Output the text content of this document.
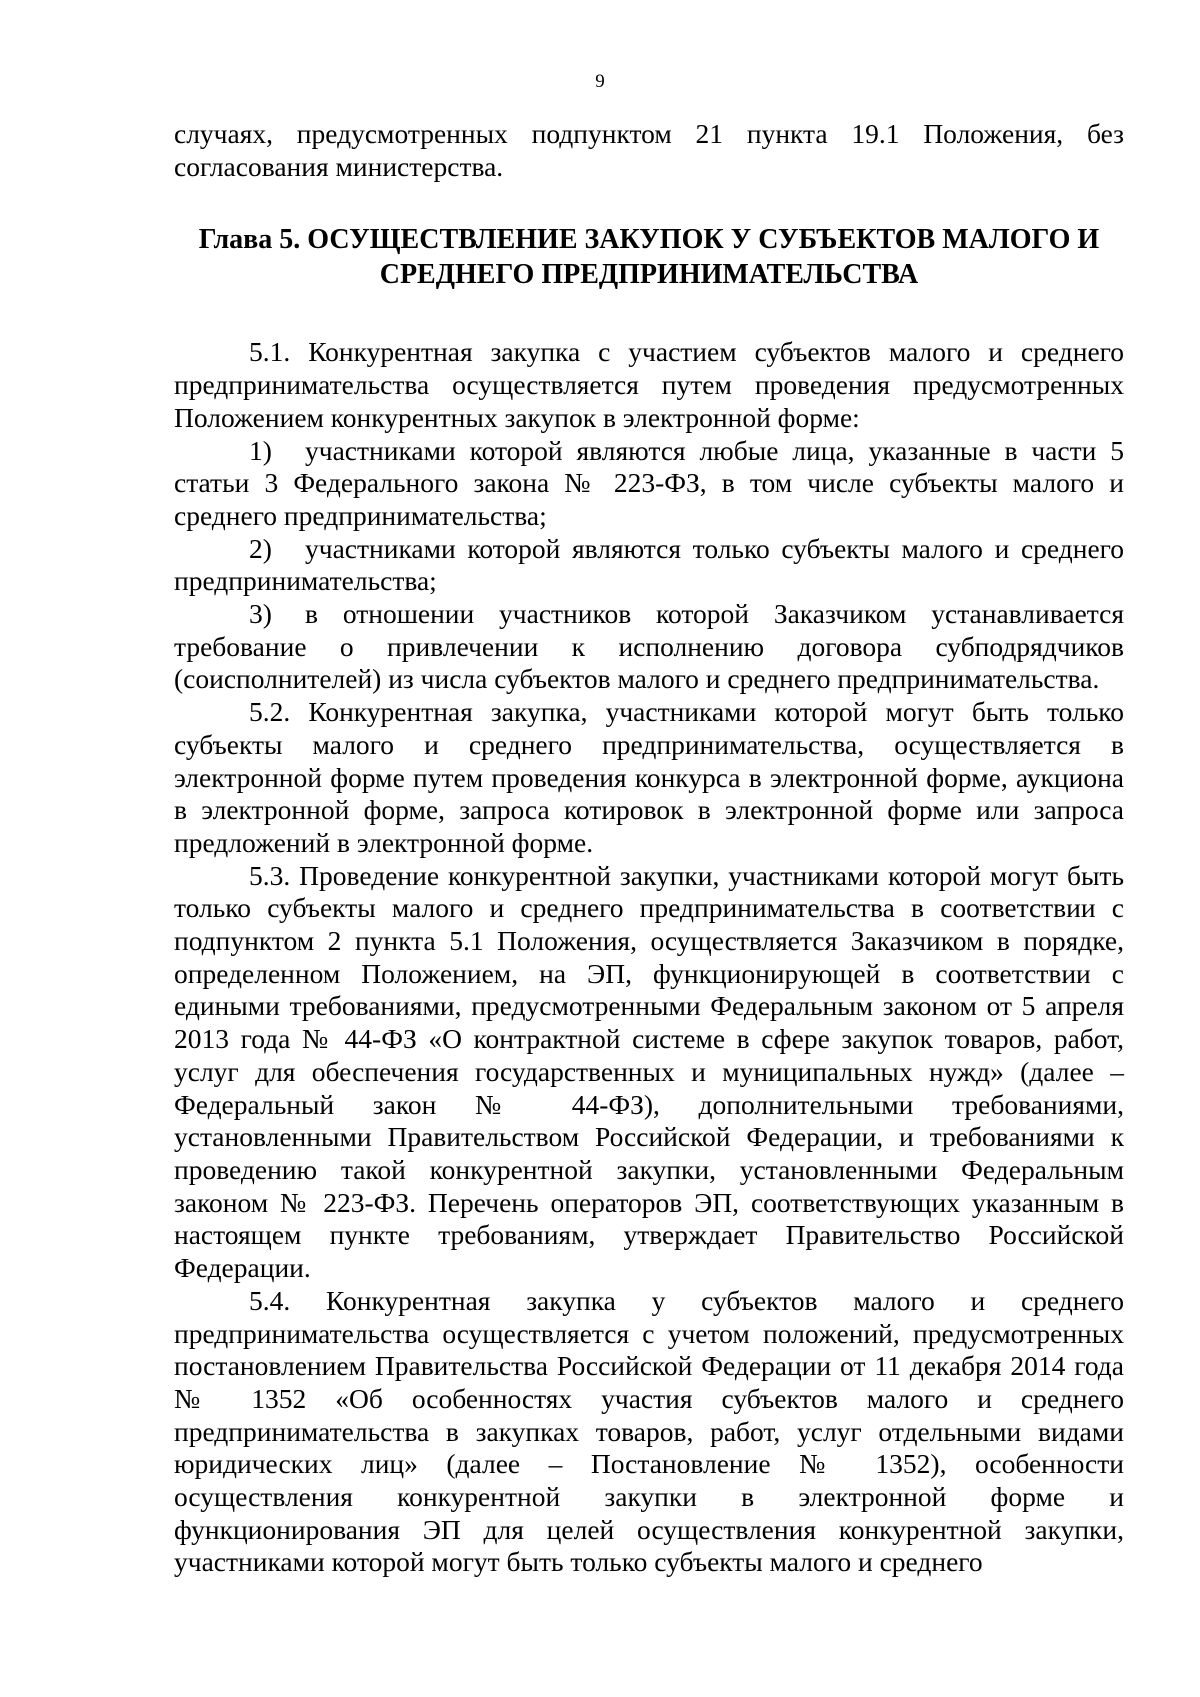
9

случаях, предусмотренных подпунктом 21 пункта 19.1 Положения, без согласования министерства.

Глава 5. ОСУЩЕСТВЛЕНИЕ ЗАКУПОК У СУБЪЕКТОВ МАЛОГО И
СРЕДНЕГО ПРЕДПРИНИМАТЕЛЬСТВА

5.1. Конкурентная закупка с участием субъектов малого и среднего предпринимательства осуществляется путем проведения предусмотренных Положением конкурентных закупок в электронной форме:

1) участниками которой являются любые лица, указанные в части 5 статьи 3 Федерального закона № 223-ФЗ, в том числе субъекты малого и среднего предпринимательства;

2) участниками которой являются только субъекты малого и среднего предпринимательства;

3) в отношении участников которой Заказчиком устанавливается требование о привлечении к исполнению договора субподрядчиков (соисполнителей) из числа субъектов малого и среднего предпринимательства.

5.2. Конкурентная закупка, участниками которой могут быть только субъекты малого и среднего предпринимательства, осуществляется в электронной форме путем проведения конкурса в электронной форме, аукциона в электронной форме, запроса котировок в электронной форме или запроса предложений в электронной форме.

5.3. Проведение конкурентной закупки, участниками которой могут быть только субъекты малого и среднего предпринимательства в соответствии с подпунктом 2 пункта 5.1 Положения, осуществляется Заказчиком в порядке, определенном Положением, на ЭП, функционирующей в соответствии с едиными требованиями, предусмотренными Федеральным законом от 5 апреля 2013 года № 44-ФЗ «О контрактной системе в сфере закупок товаров, работ, услуг для обеспечения государственных и муниципальных нужд» (далее – Федеральный закон № 44-ФЗ), дополнительными требованиями, установленными Правительством Российской Федерации, и требованиями к проведению такой конкурентной закупки, установленными Федеральным законом № 223-ФЗ. Перечень операторов ЭП, соответствующих указанным в настоящем пункте требованиям, утверждает Правительство Российской Федерации.

5.4. Конкурентная закупка у субъектов малого и среднего предпринимательства осуществляется с учетом положений, предусмотренных постановлением Правительства Российской Федерации от 11 декабря 2014 года № 1352 «Об особенностях участия субъектов малого и среднего предпринимательства в закупках товаров, работ, услуг отдельными видами юридических лиц» (далее – Постановление № 1352), особенности осуществления конкурентной закупки в электронной форме и функционирования ЭП для целей осуществления конкурентной закупки, участниками которой могут быть только субъекты малого и среднего
